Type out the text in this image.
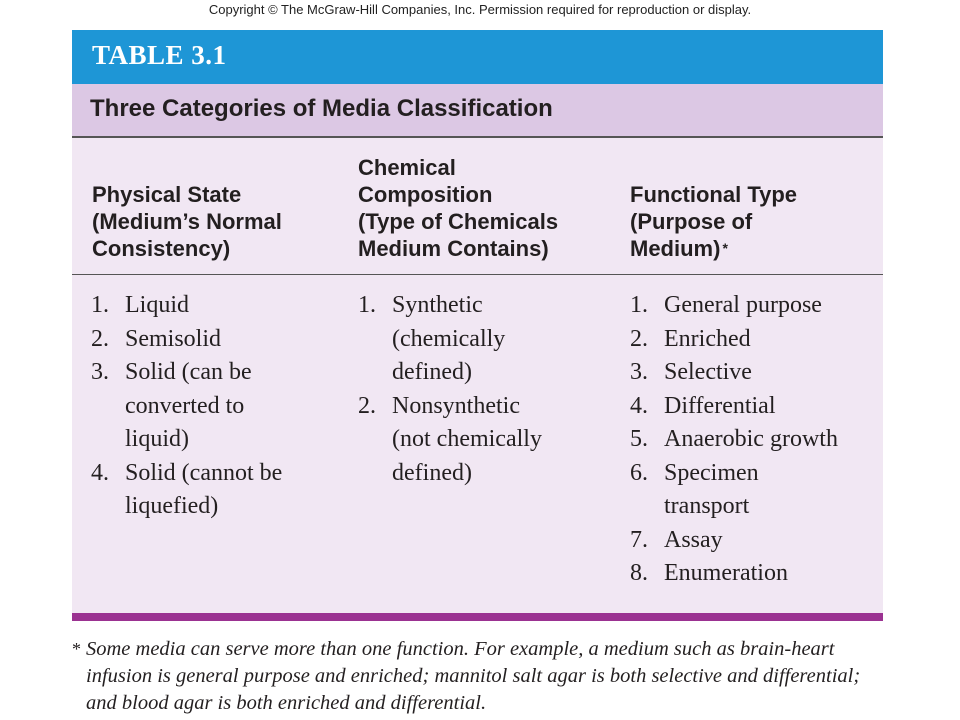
Copyright © The McGraw-Hill Companies, Inc. Permission required for reproduction or display.
TABLE 3.1
Three Categories of Media Classification

Physical State
(Medium’s Normal
Consistency)

Chemical
Composition
(Type of Chemicals
Medium Contains)

Functional Type
(Purpose of
Medium) *

1. Liquid
2. Semisolid
3. Solid (can be
converted to
liquid)
4. Solid (cannot be
liquefied)
1. Synthetic
(chemically
defined)
2. Nonsynthetic
(not chemically
defined)
1. General purpose
2. Enriched
3. Selective
4. Differential
5. Anaerobic growth
6. Specimen
transport
7. Assay
8. Enumeration
* Some media can serve more than one function. For example, a medium such as brain-heart infusion is general purpose and enriched; mannitol salt agar is both selective and differential; and blood agar is both enriched and differential.
